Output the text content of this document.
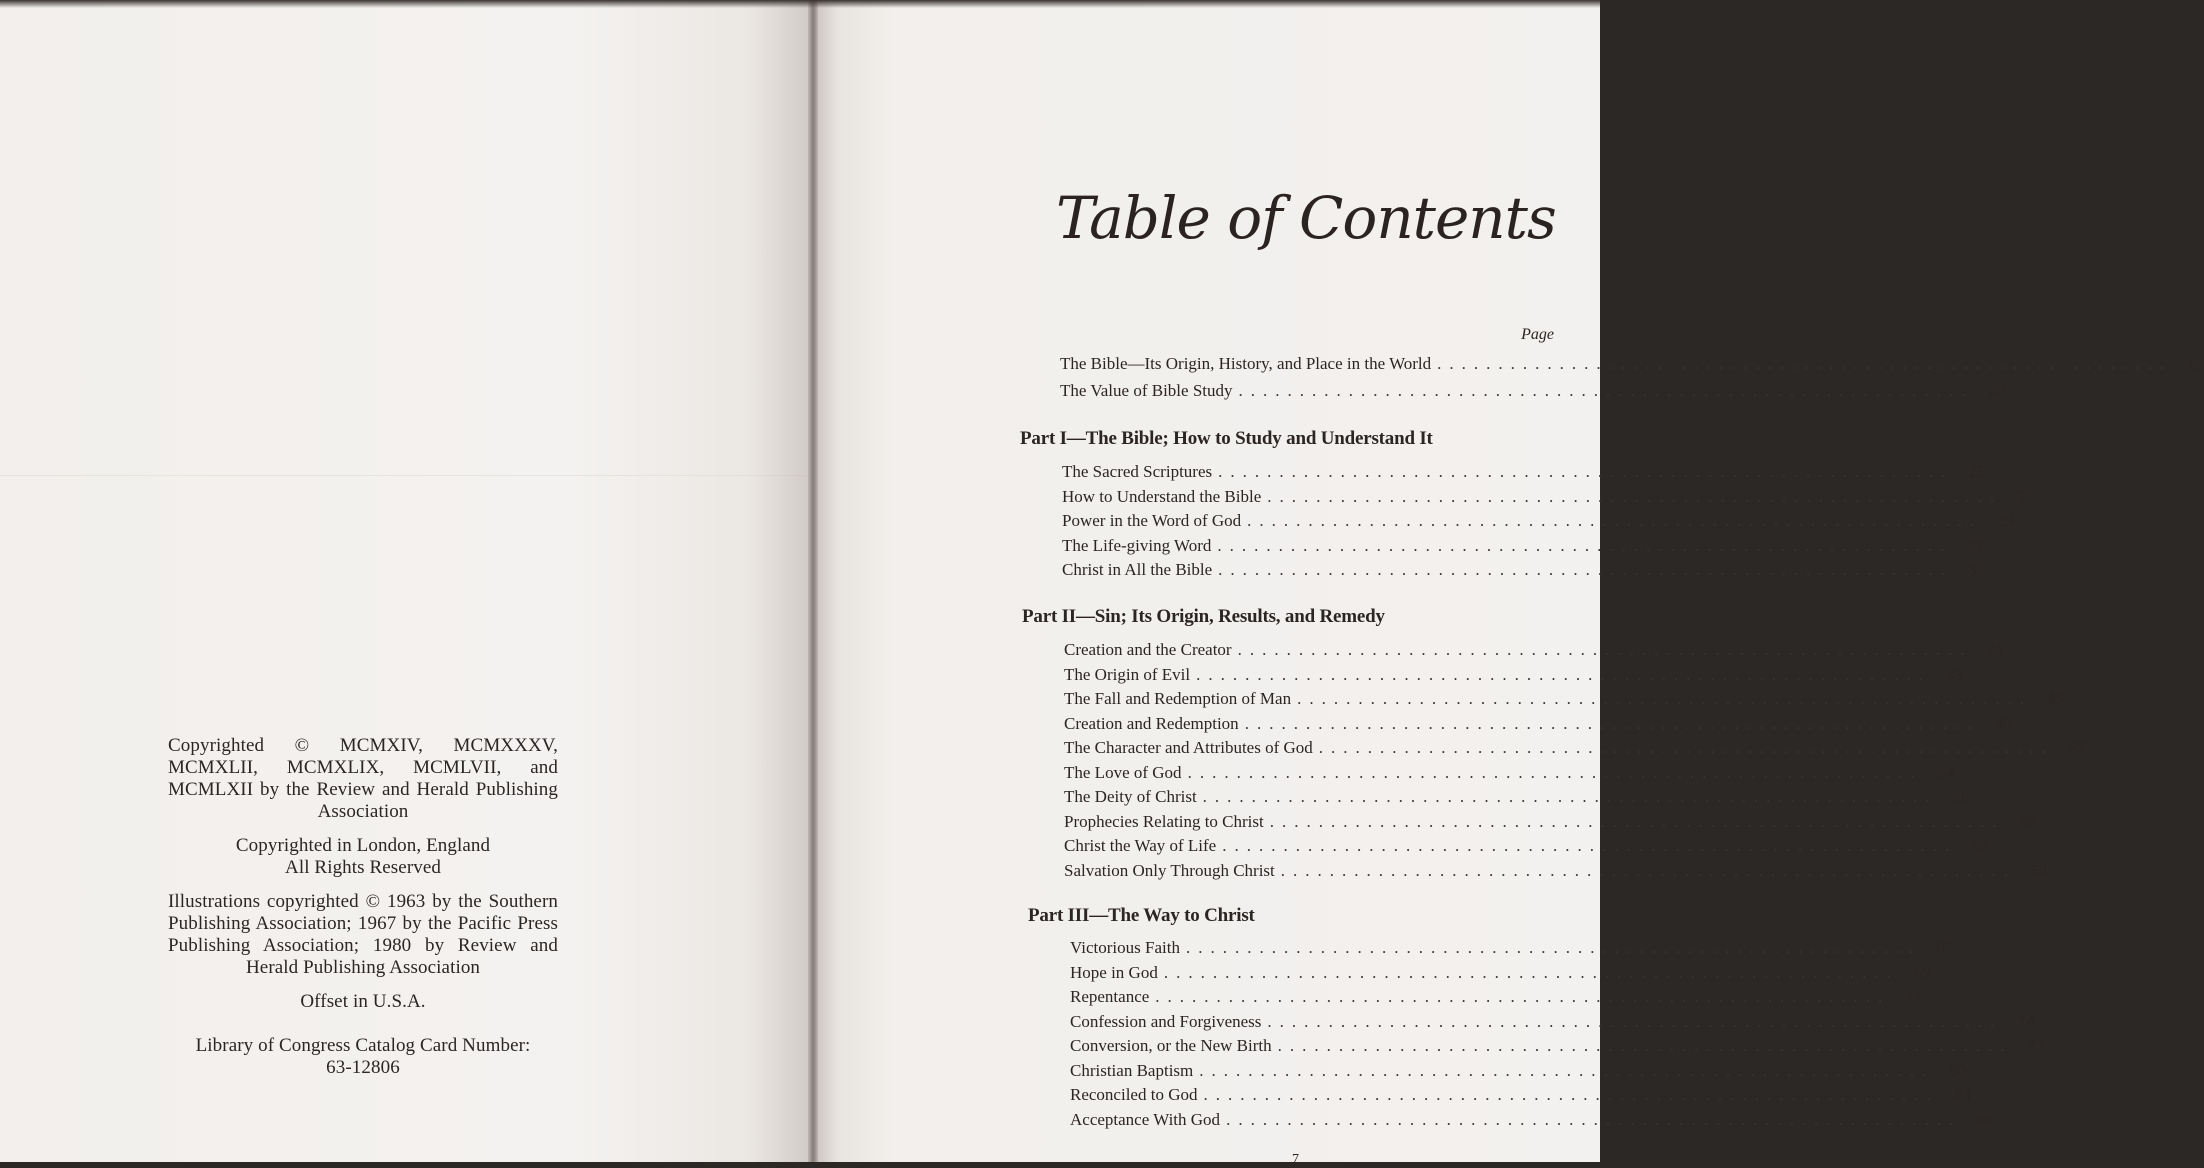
Copyrighted © MCMXIV, MCMXXXV, MCMXLII, MCMXLIX, MCMLVII, and MCMLXII by the Review and Herald Publishing Association

Copyrighted in London, England

All Rights Reserved

Illustrations copyrighted © 1963 by the Southern Publishing Association; 1967 by the Pacific Press Publishing Association; 1980 by Review and Herald Publishing Association

Offset in U.S.A.

Library of Congress Catalog Card Number:

63-12806

Table of Contents
Page
The Bible—Its Origin, History, and Place in the World ............................................................ 15
The Value of Bible Study ............................................................ 20
Part I—The Bible; How to Study and Understand It
The Sacred Scriptures ............................................................ 25
How to Understand the Bible ............................................................ 27
Power in the Word of God ............................................................ 29
The Life-giving Word ............................................................ 32
Christ in All the Bible ............................................................ 35
Part II—Sin; Its Origin, Results, and Remedy
Creation and the Creator ............................................................ 41
The Origin of Evil ............................................................ 43
The Fall and Redemption of Man ............................................................ 45
Creation and Redemption ............................................................ 48
The Character and Attributes of God ............................................................ 52
The Love of God ............................................................ 54
The Deity of Christ ............................................................ 56
Prophecies Relating to Christ ............................................................ 58
Christ the Way of Life ............................................................ 62
Salvation Only Through Christ ............................................................ 64
Part III—The Way to Christ
Victorious Faith ............................................................ 67
Hope in God ............................................................ 69
Repentance ............................................................ 71
Confession and Forgiveness ............................................................ 74
Conversion, or the New Birth ............................................................ 77
Christian Baptism ............................................................ 80
Reconciled to God ............................................................ 83
Acceptance With God ............................................................ 86
7
